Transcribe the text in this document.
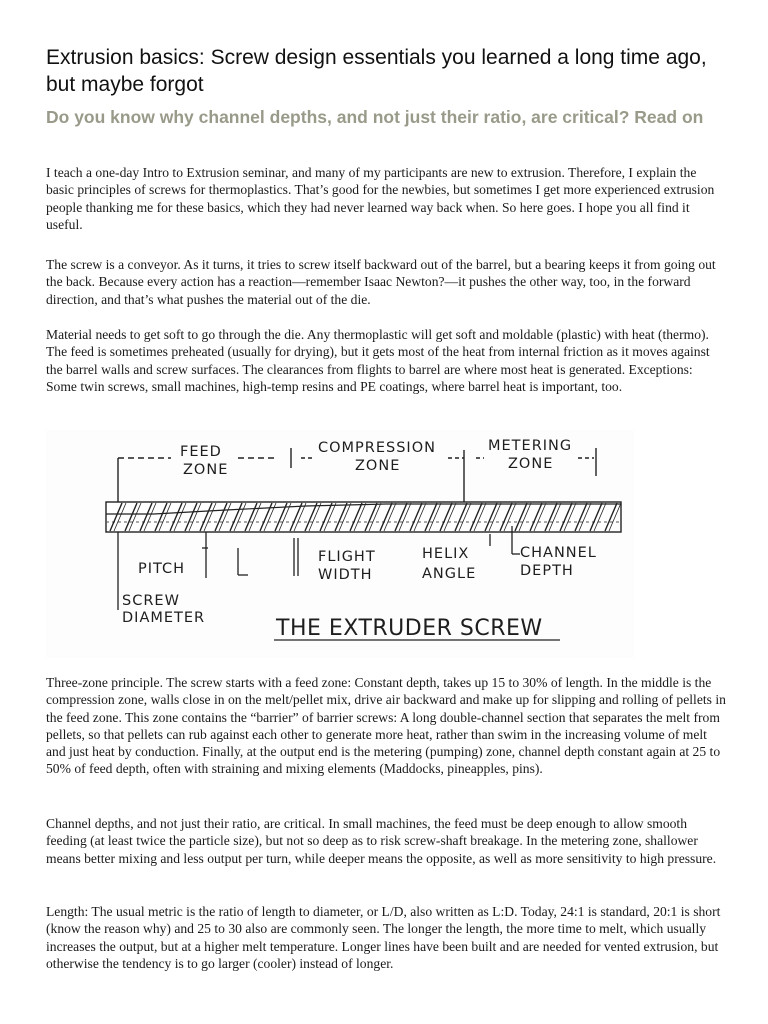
Extrusion basics: Screw design essentials you learned a long time ago, but maybe forgot
Do you know why channel depths, and not just their ratio, are critical? Read on

I teach a one-day Intro to Extrusion seminar, and many of my participants are new to extrusion. Therefore, I explain the basic principles of screws for thermoplastics. That’s good for the newbies, but sometimes I get more experienced extrusion people thanking me for these basics, which they had never learned way back when. So here goes. I hope you all find it useful.

The screw is a conveyor. As it turns, it tries to screw itself backward out of the barrel, but a bearing keeps it from going out the back. Because every action has a reaction—remember Isaac Newton?—it pushes the other way, too, in the forward direction, and that’s what pushes the material out of the die.

Material needs to get soft to go through the die. Any thermoplastic will get soft and moldable (plastic) with heat (thermo). The feed is sometimes preheated (usually for drying), but it gets most of the heat from internal friction as it moves against the barrel walls and screw surfaces. The clearances from flights to barrel are where most heat is generated. Exceptions: Some twin screws, small machines, high-temp resins and PE coatings, where barrel heat is important, too.

FEED
ZONE
COMPRESSION
ZONE
METERING
ZONE
PITCH
FLIGHT
WIDTH
HELIX
ANGLE
CHANNEL
DEPTH
SCREW
DIAMETER	THE EXTRUDER SCREW

Three-zone principle. The screw starts with a feed zone: Constant depth, takes up 15 to 30% of length. In the middle is the compression zone, walls close in on the melt/pellet mix, drive air backward and make up for slipping and rolling of pellets in the feed zone. This zone contains the “barrier” of barrier screws: A long double-channel section that separates the melt from pellets, so that pellets can rub against each other to generate more heat, rather than swim in the increasing volume of melt and just heat by conduction. Finally, at the output end is the metering (pumping) zone, channel depth constant again at 25 to 50% of feed depth, often with straining and mixing elements (Maddocks, pineapples, pins).

Channel depths, and not just their ratio, are critical. In small machines, the feed must be deep enough to allow smooth feeding (at least twice the particle size), but not so deep as to risk screw-shaft breakage. In the metering zone, shallower means better mixing and less output per turn, while deeper means the opposite, as well as more sensitivity to high pressure.

Length: The usual metric is the ratio of length to diameter, or L/D, also written as L:D. Today, 24:1 is standard, 20:1 is short (know the reason why) and 25 to 30 also are commonly seen. The longer the length, the more time to melt, which usually increases the output, but at a higher melt temperature. Longer lines have been built and are needed for vented extrusion, but otherwise the tendency is to go larger (cooler) instead of longer.
